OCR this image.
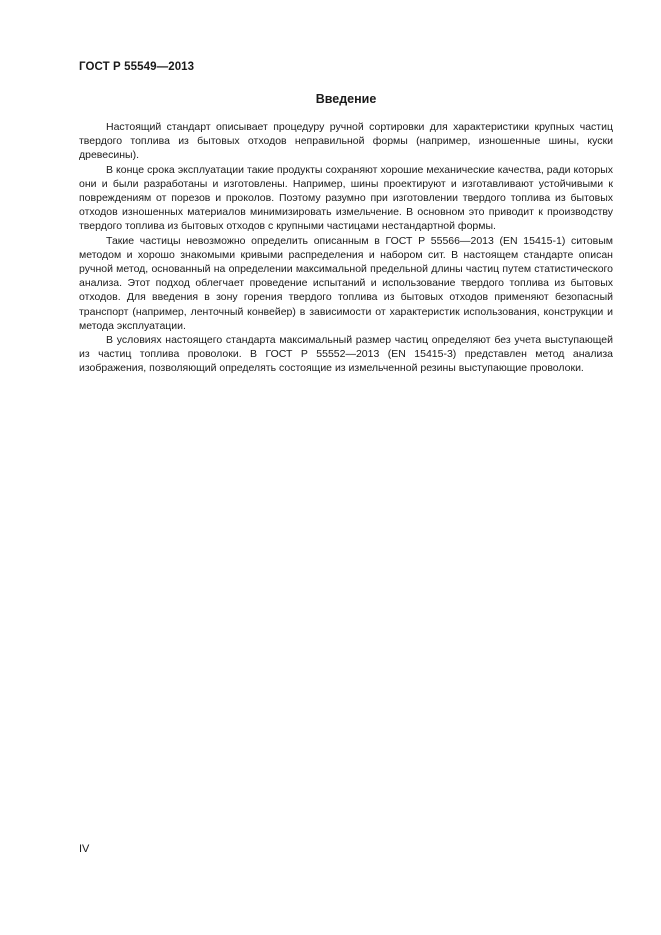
ГОСТ Р 55549—2013
Введение

Настоящий стандарт описывает процедуру ручной сортировки для характеристики крупных частиц твердого топлива из бытовых отходов неправильной формы (например, изношенные шины, куски древесины).

В конце срока эксплуатации такие продукты сохраняют хорошие механические качества, ради которых они и были разработаны и изготовлены. Например, шины проектируют и изготавливают устойчивыми к повреждениям от порезов и проколов. Поэтому разумно при изготовлении твердого топлива из бытовых отходов изношенных материалов минимизировать измельчение. В основном это приводит к производству твердого топлива из бытовых отходов с крупными частицами нестандартной формы.

Такие частицы невозможно определить описанным в ГОСТ Р 55566—2013 (EN 15415-1) ситовым методом и хорошо знакомыми кривыми распределения и набором сит. В настоящем стандарте описан ручной метод, основанный на определении максимальной предельной длины частиц путем статистического анализа. Этот подход облегчает проведение испытаний и использование твердого топлива из бытовых отходов. Для введения в зону горения твердого топлива из бытовых отходов применяют безопасный транспорт (например, ленточный конвейер) в зависимости от характеристик использования, конструкции и метода эксплуатации.

В условиях настоящего стандарта максимальный размер частиц определяют без учета выступающей из частиц топлива проволоки. В ГОСТ Р 55552—2013 (EN 15415-3) представлен метод анализа изображения, позволяющий определять состоящие из измельченной резины выступающие проволоки.

IV
